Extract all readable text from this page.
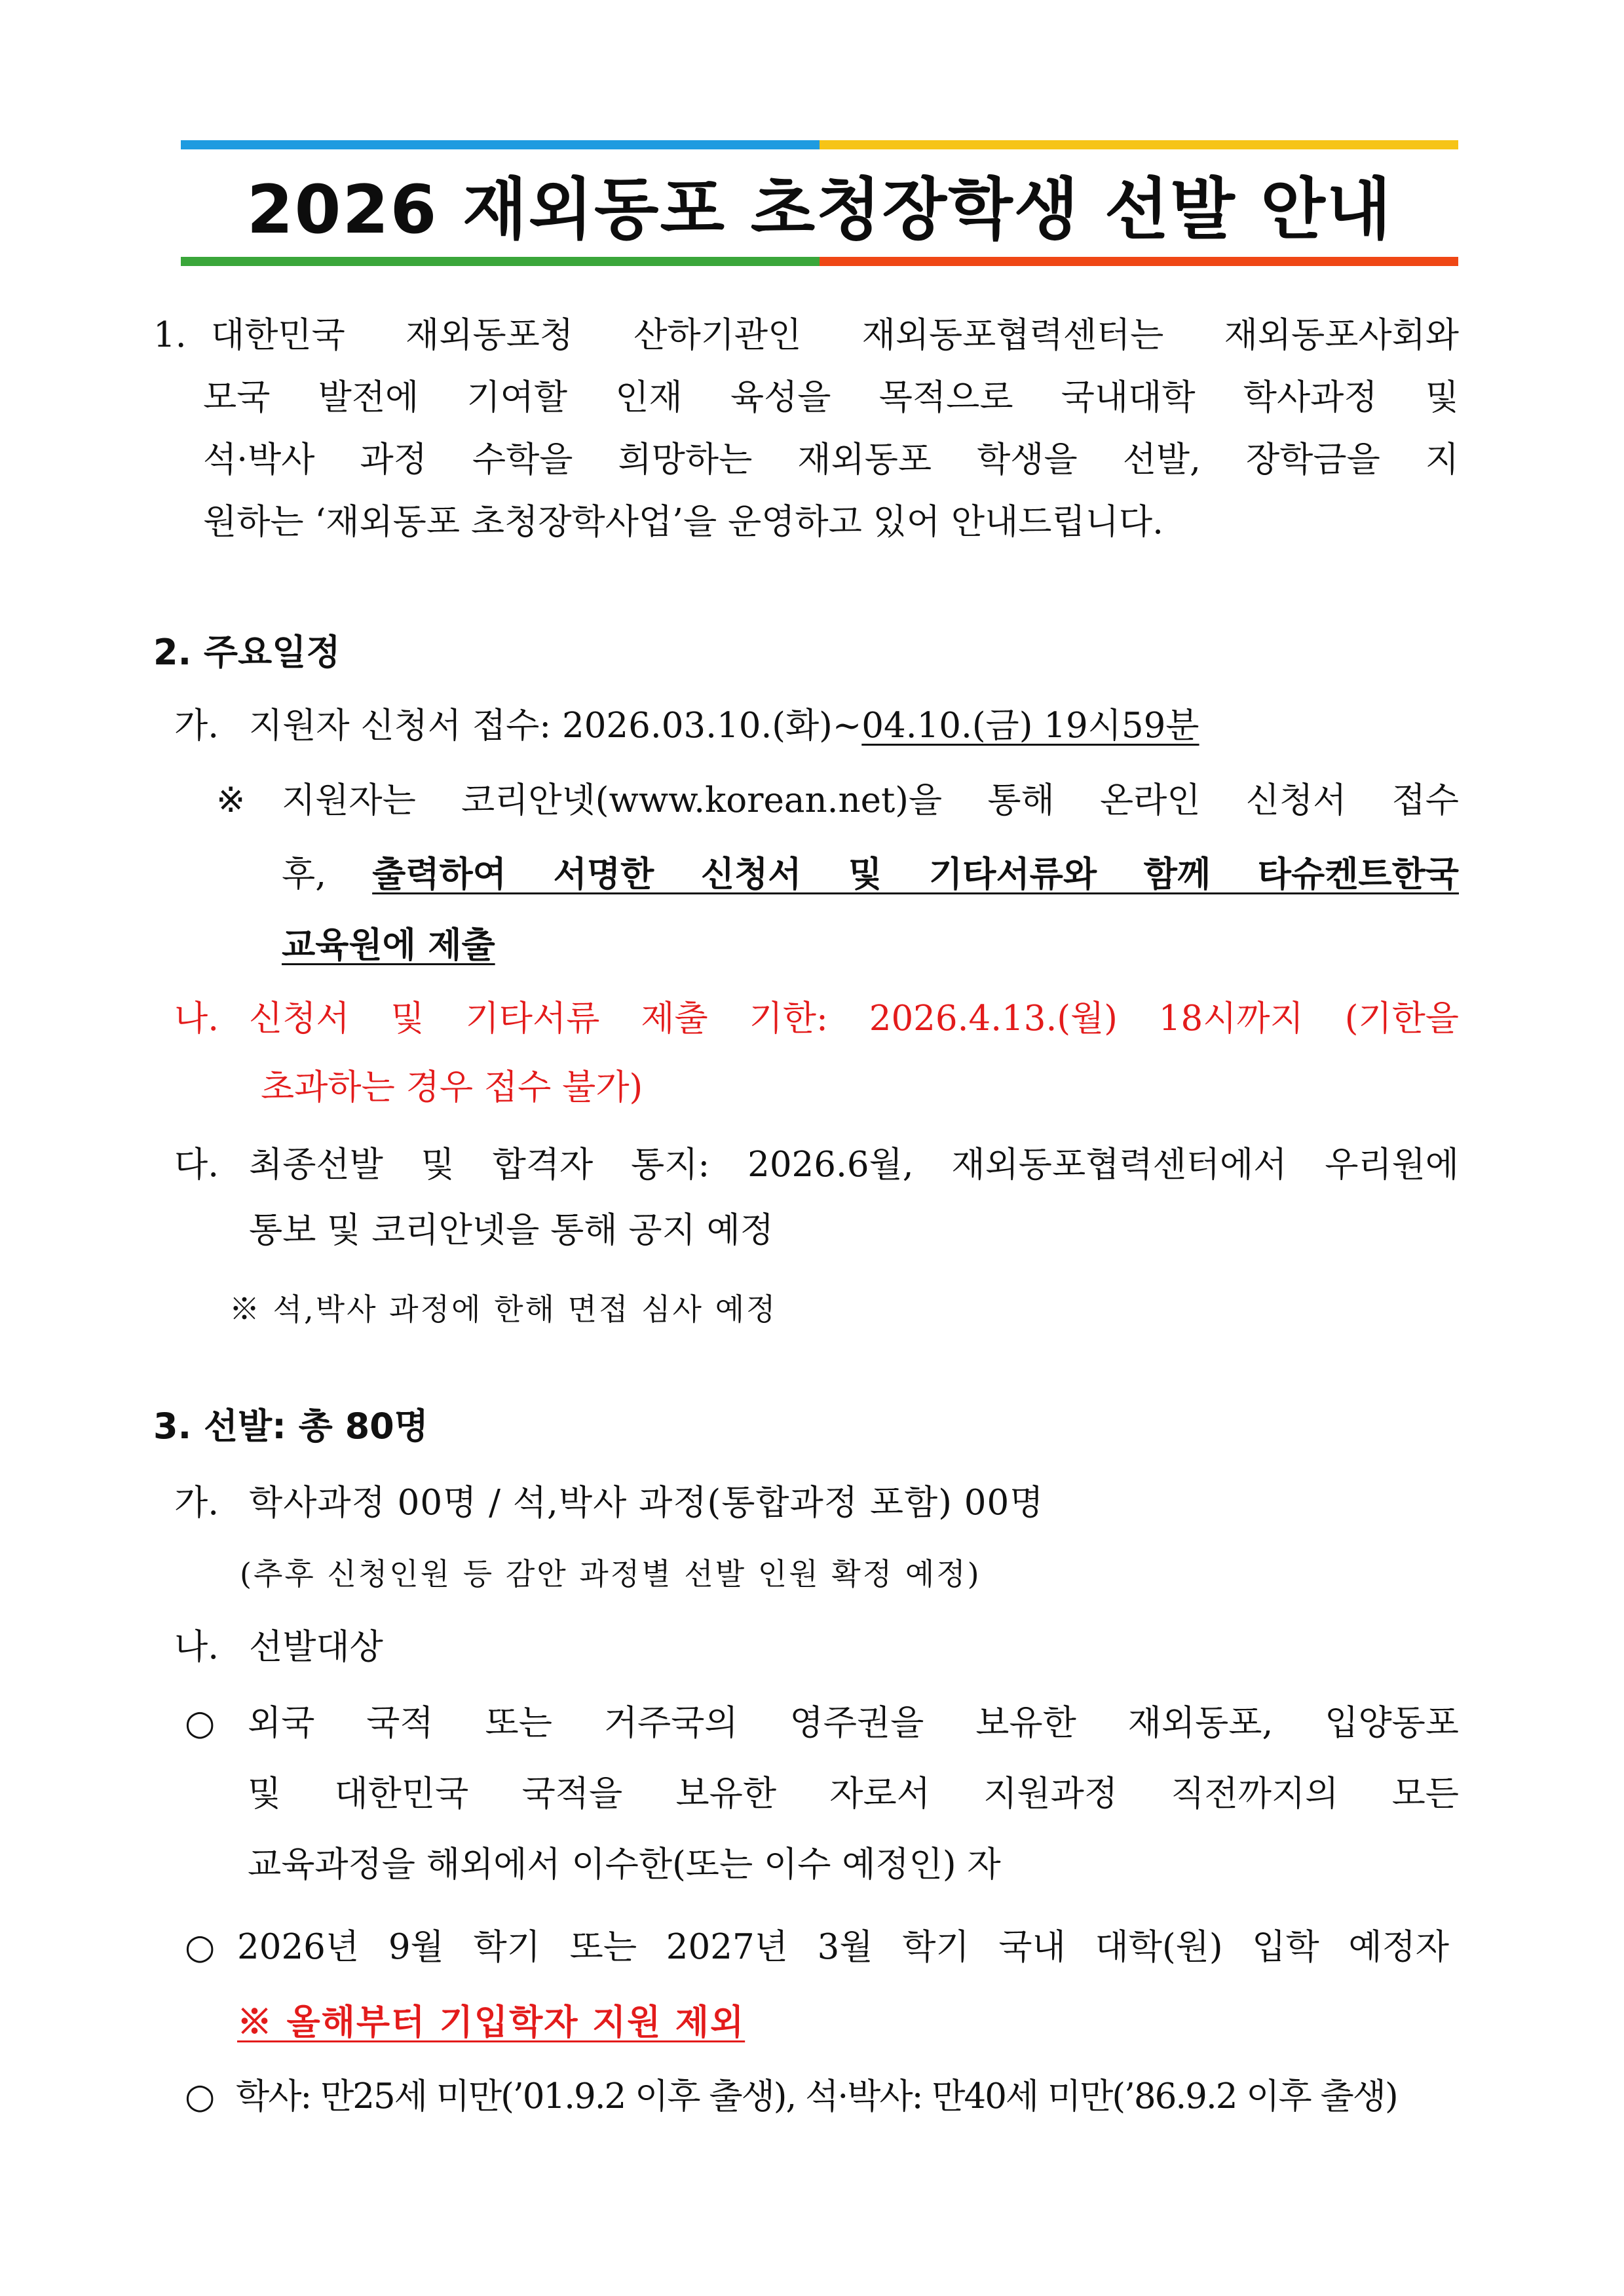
2026 재외동포 초청장학생 선발 안내
1. 대한민국 재외동포청 산하기관인 재외동포협력센터는 재외동포사회와
모국 발전에 기여할 인재 육성을 목적으로 국내대학 학사과정 및
석·박사 과정 수학을 희망하는 재외동포 학생을 선발, 장학금을 지
원하는 ‘재외동포 초청장학사업’을 운영하고 있어 안내드립니다.
2. 주요일정
가. 지원자 신청서 접수: 2026.03.10.(화)~04.10.(금) 19시59분
※ 지원자는 코리안넷(www.korean.net)을 통해 온라인 신청서 접수
후, 출력하여 서명한 신청서 및 기타서류와 함께 타슈켄트한국
교육원에 제출
나. 신청서 및 기타서류 제출 기한: 2026.4.13.(월) 18시까지 (기한을
초과하는 경우 접수 불가)
다. 최종선발 및 합격자 통지: 2026.6월, 재외동포협력센터에서 우리원에
통보 및 코리안넷을 통해 공지 예정
※ 석,박사 과정에 한해 면접 심사 예정
3. 선발: 총 80명
가. 학사과정 00명 / 석,박사 과정(통합과정 포함) 00명
(추후 신청인원 등 감안 과정별 선발 인원 확정 예정)
나. 선발대상
○ 외국 국적 또는 거주국의 영주권을 보유한 재외동포, 입양동포
및 대한민국 국적을 보유한 자로서 지원과정 직전까지의 모든
교육과정을 해외에서 이수한(또는 이수 예정인) 자
○ 2026년 9월 학기 또는 2027년 3월 학기 국내 대학(원) 입학 예정자
※ 올해부터 기입학자 지원 제외
○ 학사: 만25세 미만(’01.9.2 이후 출생), 석·박사: 만40세 미만(’86.9.2 이후 출생)
